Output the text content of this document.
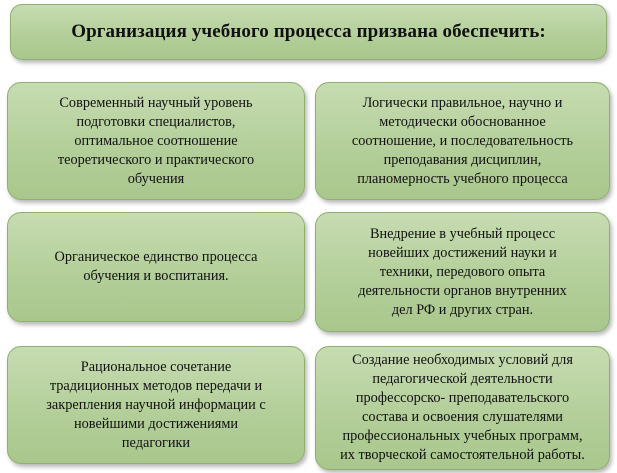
Организация учебного процесса призвана обеспечить:
Современный научный уровень
подготовки специалистов,
оптимальное соотношение
теоретического и практического
обучения
Логически правильное, научно и
методически обоснованное
соотношение, и последовательность
преподавания дисциплин,
планомерность учебного процесса
Органическое единство процесса
обучения и воспитания.
Внедрение в учебный процесс
новейших достижений науки и
техники, передового опыта
деятельности органов внутренних
дел РФ и других стран.
Рациональное сочетание
традиционных методов передачи и
закрепления научной информации с
новейшими достижениями
педагогики
Создание необходимых условий для
педагогической деятельности
профессорско- преподавательского
состава и освоения слушателями
профессиональных учебных программ,
их творческой самостоятельной работы.
